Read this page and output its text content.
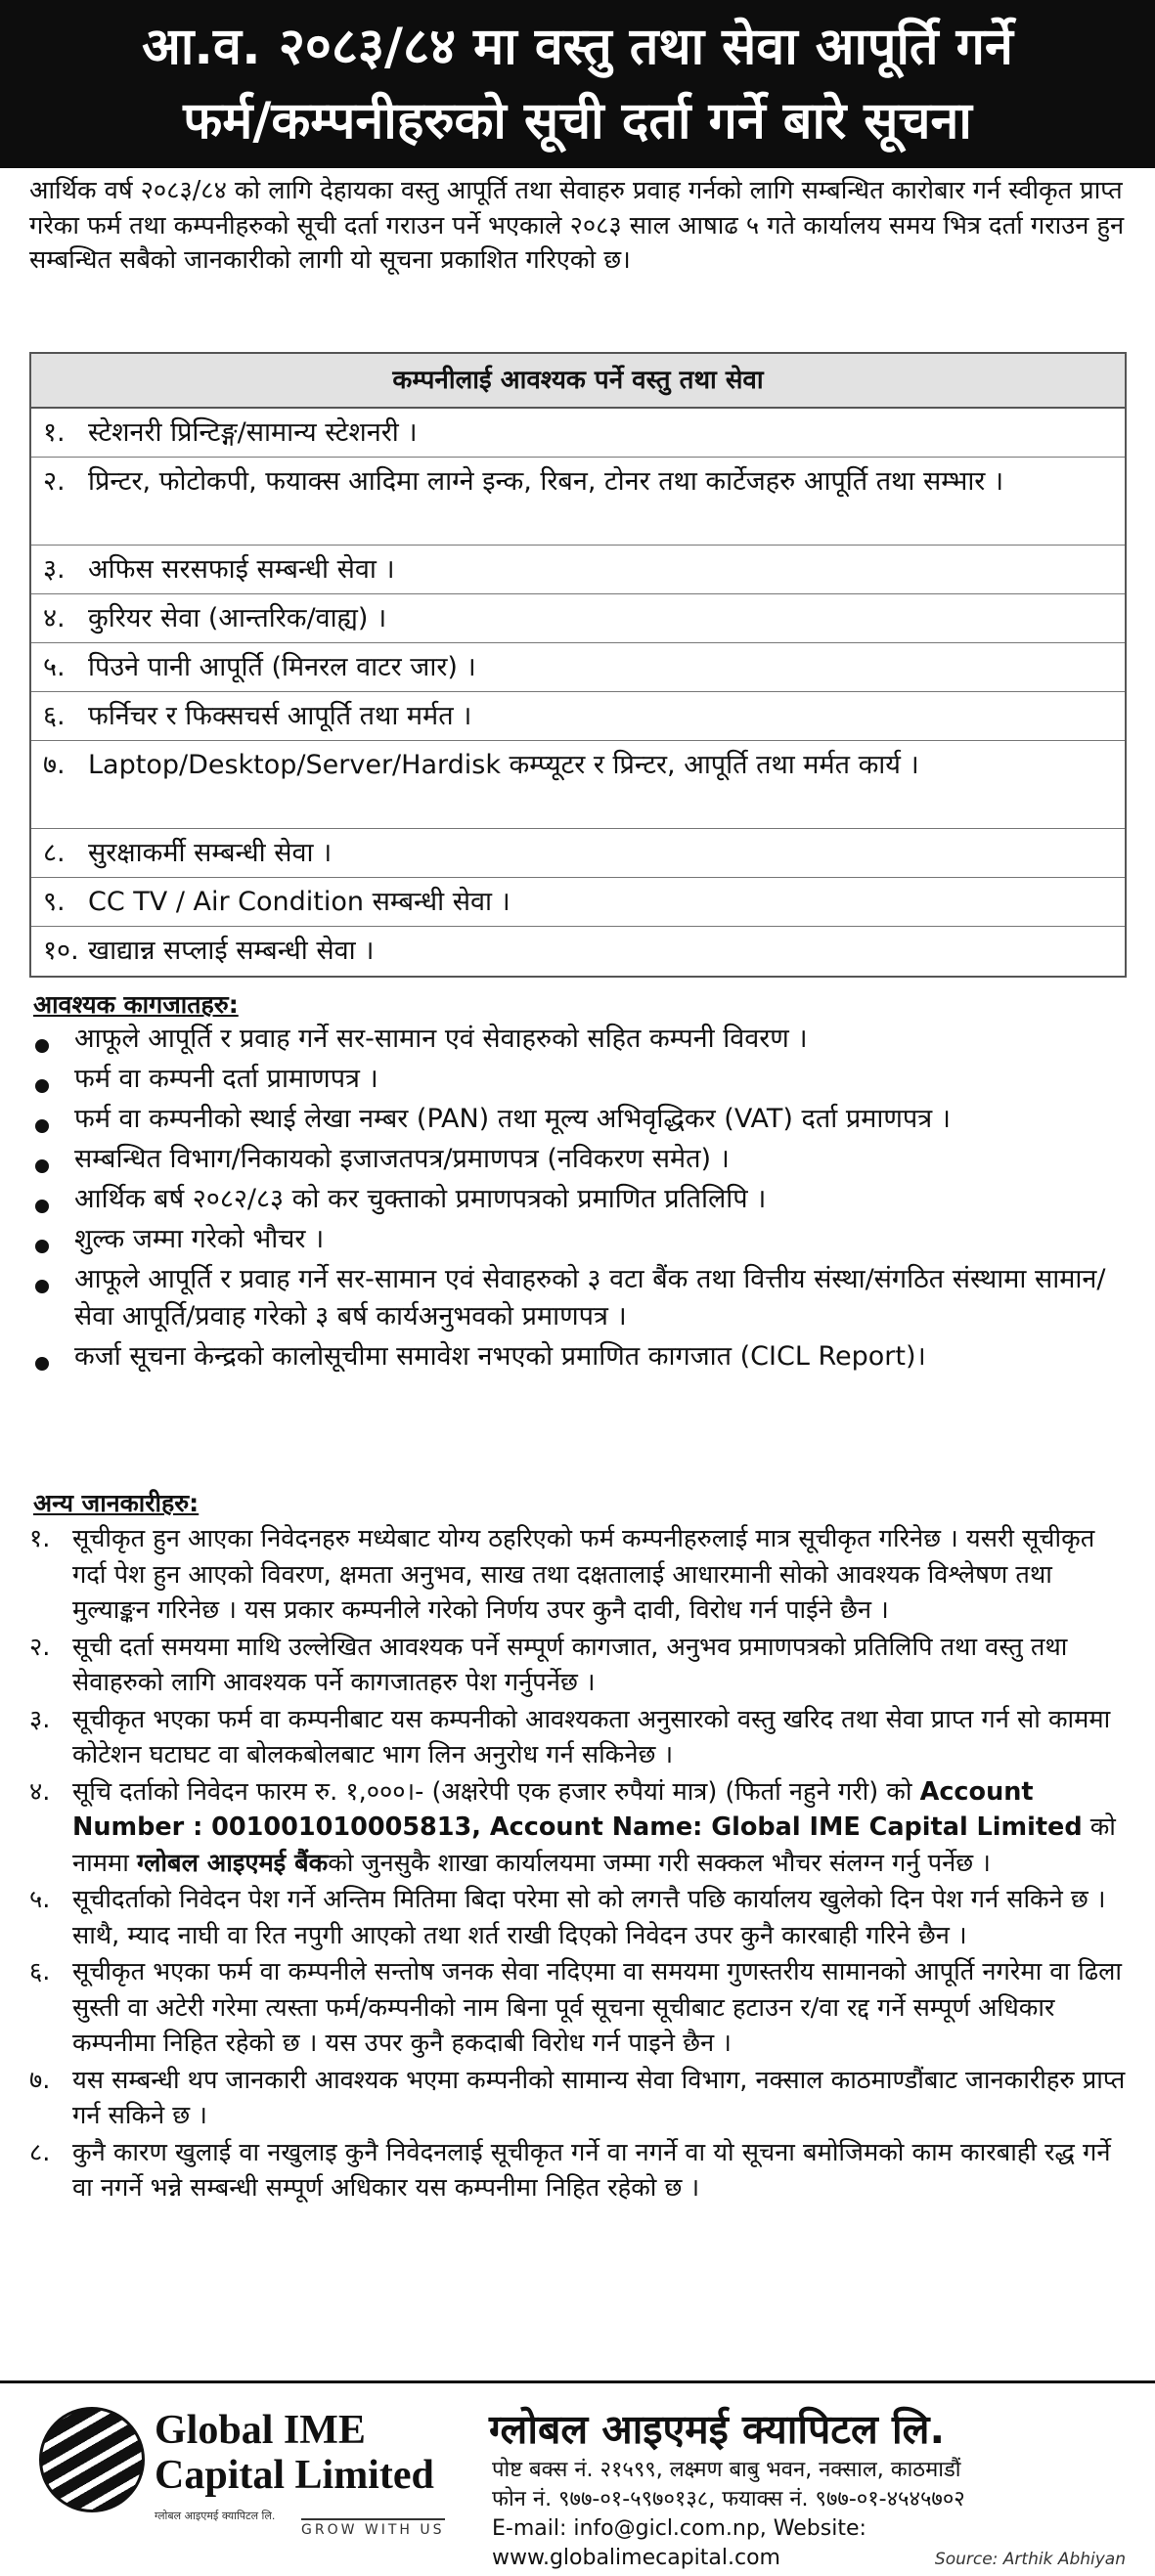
आ.व. २०८३/८४ मा वस्तु तथा सेवा आपूर्ति गर्ने
फर्म/कम्पनीहरुको सूची दर्ता गर्ने बारे सूचना
आर्थिक वर्ष २०८३/८४ को लागि देहायका वस्तु आपूर्ति तथा सेवाहरु प्रवाह गर्नको लागि सम्बन्धित कारोबार गर्न स्वीकृत प्राप्त गरेका फर्म तथा कम्पनीहरुको सूची दर्ता गराउन पर्ने भएकाले २०८३ साल आषाढ ५ गते कार्यालय समय भित्र दर्ता गराउन हुन सम्बन्धित सबैको जानकारीको लागी यो सूचना प्रकाशित गरिएको छ।
कम्पनीलाई आवश्यक पर्ने वस्तु तथा सेवा
१. स्टेशनरी प्रिन्टिङ्ग/सामान्य स्टेशनरी ।
२. प्रिन्टर, फोटोकपी, फयाक्स आदिमा लाग्ने इन्क, रिबन, टोनर तथा कार्टेजहरु आपूर्ति तथा सम्भार ।
३. अफिस सरसफाई सम्बन्धी सेवा ।
४. कुरियर सेवा (आन्तरिक/वाह्य) ।
५. पिउने पानी आपूर्ति (मिनरल वाटर जार) ।
६. फर्निचर र फिक्सचर्स आपूर्ति तथा मर्मत ।
७. Laptop/Desktop/Server/Hardisk कम्प्यूटर र प्रिन्टर, आपूर्ति तथा मर्मत कार्य ।
८. सुरक्षाकर्मी सम्बन्धी सेवा ।
९. CC TV / Air Condition सम्बन्धी सेवा ।
१०. खाद्यान्न सप्लाई सम्बन्धी सेवा ।
आवश्यक कागजातहरु:
आफूले आपूर्ति र प्रवाह गर्ने सर-सामान एवं सेवाहरुको सहित कम्पनी विवरण ।
फर्म वा कम्पनी दर्ता प्रामाणपत्र ।
फर्म वा कम्पनीको स्थाई लेखा नम्बर (PAN) तथा मूल्य अभिवृद्धिकर (VAT) दर्ता प्रमाणपत्र ।
सम्बन्धित विभाग/निकायको इजाजतपत्र/प्रमाणपत्र (नविकरण समेत) ।
आर्थिक बर्ष २०८२/८३ को कर चुक्ताको प्रमाणपत्रको प्रमाणित प्रतिलिपि ।
शुल्क जम्मा गरेको भौचर ।
आफूले आपूर्ति र प्रवाह गर्ने सर-सामान एवं सेवाहरुको ३ वटा बैंक तथा वित्तीय संस्था/संगठित संस्थामा सामान/सेवा आपूर्ति/प्रवाह गरेको ३ बर्ष कार्यअनुभवको प्रमाणपत्र ।
कर्जा सूचना केन्द्रको कालोसूचीमा समावेश नभएको प्रमाणित कागजात (CICL Report)।
अन्य जानकारीहरु:
१. सूचीकृत हुन आएका निवेदनहरु मध्येबाट योग्य ठहरिएको फर्म कम्पनीहरुलाई मात्र सूचीकृत गरिनेछ । यसरी सूचीकृत गर्दा पेश हुन आएको विवरण, क्षमता अनुभव, साख तथा दक्षतालाई आधारमानी सोको आवश्यक विश्लेषण तथा मुल्याङ्कन गरिनेछ । यस प्रकार कम्पनीले गरेको निर्णय उपर कुनै दावी, विरोध गर्न पाईने छैन ।
२. सूची दर्ता समयमा माथि उल्लेखित आवश्यक पर्ने सम्पूर्ण कागजात, अनुभव प्रमाणपत्रको प्रतिलिपि तथा वस्तु तथा सेवाहरुको लागि आवश्यक पर्ने कागजातहरु पेश गर्नुपर्नेछ ।
३. सूचीकृत भएका फर्म वा कम्पनीबाट यस कम्पनीको आवश्यकता अनुसारको वस्तु खरिद तथा सेवा प्राप्त गर्न सो काममा कोटेशन घटाघट वा बोलकबोलबाट भाग लिन अनुरोध गर्न सकिनेछ ।
४. सूचि दर्ताको निवेदन फारम रु. १,०००।- (अक्षरेपी एक हजार रुपैयां मात्र) (फिर्ता नहुने गरी) को Account Number : 001001010005813, Account Name: Global IME Capital Limited को नाममा ग्लोबल आइएमई बैंकको जुनसुकै शाखा कार्यालयमा जम्मा गरी सक्कल भौचर संलग्न गर्नु पर्नेछ ।
५. सूचीदर्ताको निवेदन पेश गर्ने अन्तिम मितिमा बिदा परेमा सो को लगत्तै पछि कार्यालय खुलेको दिन पेश गर्न सकिने छ । साथै, म्याद नाघी वा रित नपुगी आएको तथा शर्त राखी दिएको निवेदन उपर कुनै कारबाही गरिने छैन ।
६. सूचीकृत भएका फर्म वा कम्पनीले सन्तोष जनक सेवा नदिएमा वा समयमा गुणस्तरीय सामानको आपूर्ति नगरेमा वा ढिला सुस्ती वा अटेरी गरेमा त्यस्ता फर्म/कम्पनीको नाम बिना पूर्व सूचना सूचीबाट हटाउन र/वा रद्द गर्ने सम्पूर्ण अधिकार कम्पनीमा निहित रहेको छ । यस उपर कुनै हकदाबी विरोध गर्न पाइने छैन ।
७. यस सम्बन्धी थप जानकारी आवश्यक भएमा कम्पनीको सामान्य सेवा विभाग, नक्साल काठमाण्डौंबाट जानकारीहरु प्राप्त गर्न सकिने छ ।
८. कुनै कारण खुलाई वा नखुलाइ कुनै निवेदनलाई सूचीकृत गर्ने वा नगर्ने वा यो सूचना बमोजिमको काम कारबाही रद्ध गर्ने वा नगर्ने भन्ने सम्बन्धी सम्पूर्ण अधिकार यस कम्पनीमा निहित रहेको छ ।
Global IME
Capital Limited
ग्लोबल आइएमई क्यापिटल लि.
GROW WITH US
ग्लोबल आइएमई क्यापिटल लि.
पोष्ट बक्स नं. २१५९९, लक्ष्मण बाबु भवन, नक्साल, काठमाडौं
फोन नं. ९७७-०१-५९७०१३८, फयाक्स नं. ९७७-०१-४५४५७०२
E-mail: info@gicl.com.np, Website: www.globalimecapital.com	Source: Arthik Abhiyan
